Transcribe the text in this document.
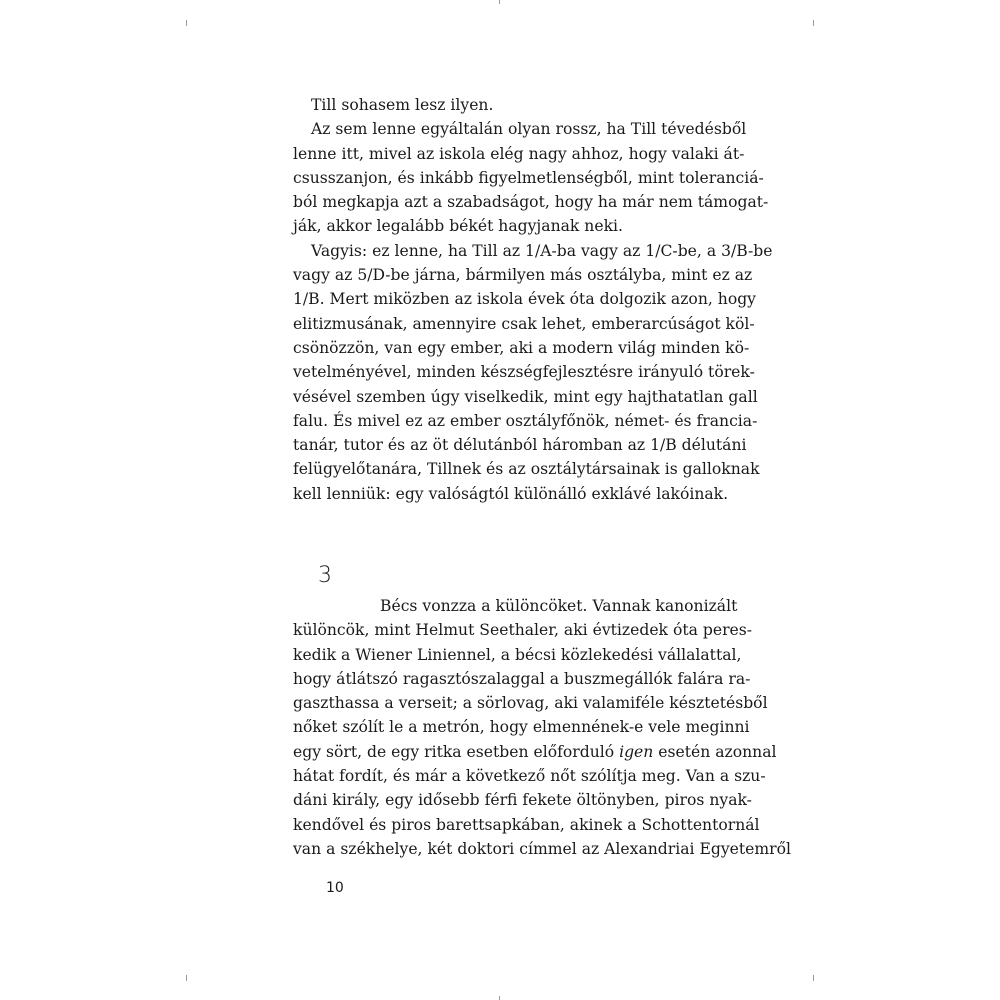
Till sohasem lesz ilyen.
Az sem lenne egyáltalán olyan rossz, ha Till tévedésből
lenne itt, mivel az iskola elég nagy ahhoz, hogy valaki át-
csusszanjon, és inkább figyelmetlenségből, mint toleranciá-
ból megkapja azt a szabadságot, hogy ha már nem támogat-
ják, akkor legalább békét hagyjanak neki.
Vagyis: ez lenne, ha Till az 1/A-ba vagy az 1/C-be, a 3/B-be
vagy az 5/D-be járna, bármilyen más osztályba, mint ez az
1/B. Mert miközben az iskola évek óta dolgozik azon, hogy
elitizmusának, amennyire csak lehet, emberarcúságot köl-
csönözzön, van egy ember, aki a modern világ minden kö-
vetelményével, minden készségfejlesztésre irányuló törek-
vésével szemben úgy viselkedik, mint egy hajthatatlan gall
falu. És mivel ez az ember osztályfőnök, német- és francia-
tanár, tutor és az öt délutánból háromban az 1/B délutáni
felügyelőtanára, Tillnek és az osztálytársainak is galloknak
kell lenniük: egy valóságtól különálló exklávé lakóinak.
3
Bécs vonzza a különcöket. Vannak kanonizált
különcök, mint Helmut Seethaler, aki évtizedek óta peres-
kedik a Wiener Liniennel, a bécsi közlekedési vállalattal,
hogy átlátszó ragasztószalaggal a buszmegállók falára ra-
gaszthassa a verseit; a sörlovag, aki valamiféle késztetésből
nőket szólít le a metrón, hogy elmennének-e vele meginni
egy sört, de egy ritka esetben előforduló igen esetén azonnal
hátat fordít, és már a következő nőt szólítja meg. Van a szu-
dáni király, egy idősebb férfi fekete öltönyben, piros nyak-
kendővel és piros barettsapkában, akinek a Schottentornál
van a székhelye, két doktori címmel az Alexandriai Egyetemről
10
